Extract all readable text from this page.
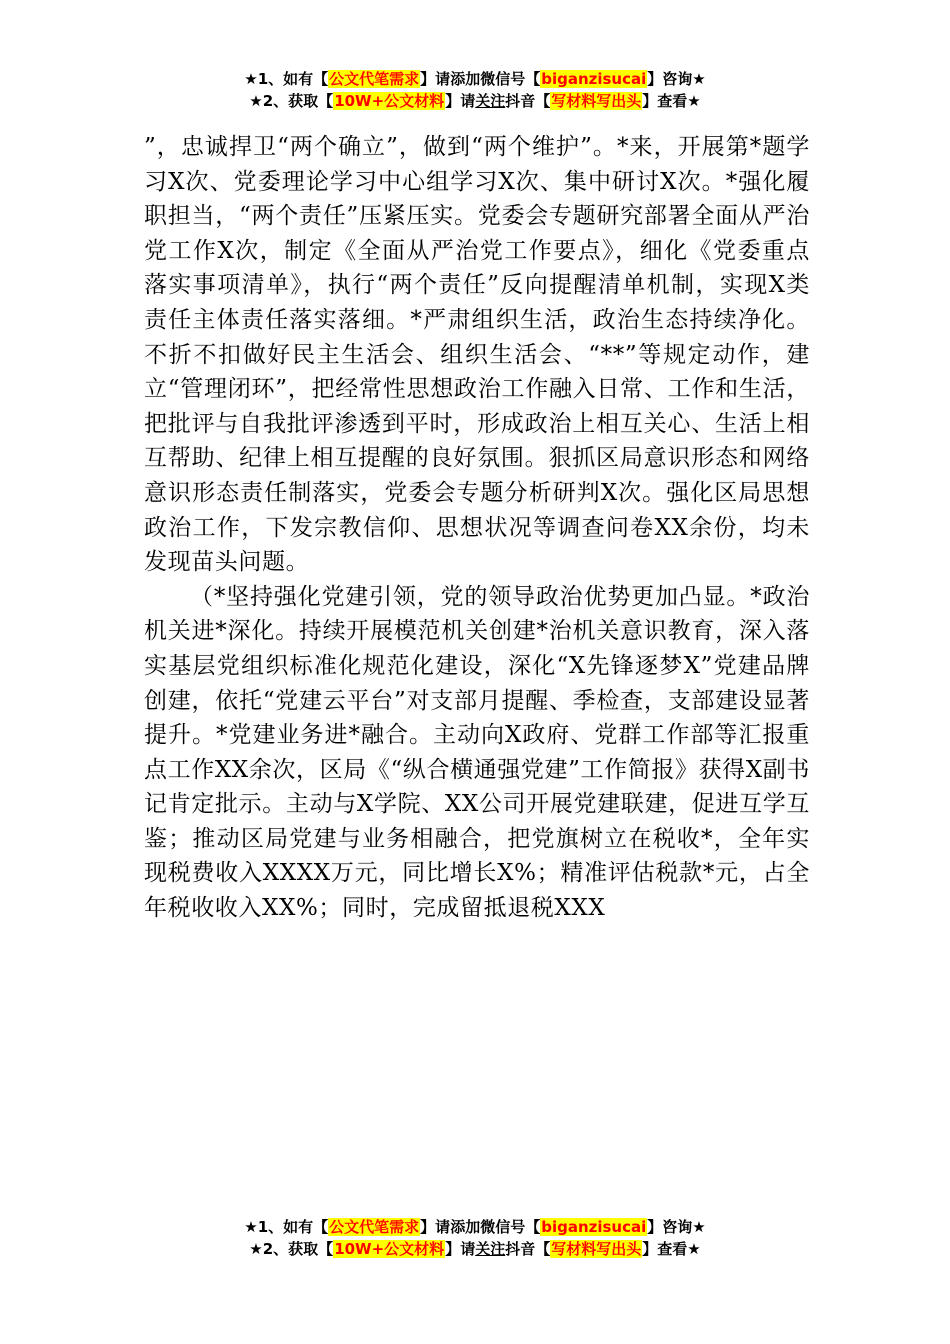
★1、如有【公文代笔需求】请添加微信号【biganzisucai】咨询★
★2、获取【10W+公文材料】请关注抖音【写材料写出头】查看★

”，忠诚捍卫“两个确立”，做到“两个维护”。*来，开展第*题学习X次、党委理论学习中心组学习X次、集中研讨X次。*强化履职担当，“两个责任”压紧压实。党委会专题研究部署全面从严治党工作X次，制定《全面从严治党工作要点》，细化《党委重点落实事项清单》，执行“两个责任”反向提醒清单机制，实现X类责任主体责任落实落细。*严肃组织生活，政治生态持续净化。不折不扣做好民主生活会、组织生活会、“**”等规定动作，建立“管理闭环”，把经常性思想政治工作融入日常、工作和生活，把批评与自我批评渗透到平时，形成政治上相互关心、生活上相互帮助、纪律上相互提醒的良好氛围。狠抓区局意识形态和网络意识形态责任制落实，党委会专题分析研判X次。强化区局思想政治工作，下发宗教信仰、思想状况等调查问卷XX余份，均未发现苗头问题。

（*坚持强化党建引领，党的领导政治优势更加凸显。*政治机关进*深化。持续开展模范机关创建*治机关意识教育，深入落实基层党组织标准化规范化建设，深化“X先锋逐梦X”党建品牌创建，依托“党建云平台”对支部月提醒、季检查，支部建设显著提升。*党建业务进*融合。主动向X政府、党群工作部等汇报重点工作XX余次，区局《“纵合横通强党建”工作简报》获得X副书记肯定批示。主动与X学院、XX公司开展党建联建，促进互学互鉴；推动区局党建与业务相融合，把党旗树立在税收*，全年实现税费收入XXXX万元，同比增长X%；精准评估税款*元，占全年税收收入XX%；同时，完成留抵退税XXX

★1、如有【公文代笔需求】请添加微信号【biganzisucai】咨询★
★2、获取【10W+公文材料】请关注抖音【写材料写出头】查看★
